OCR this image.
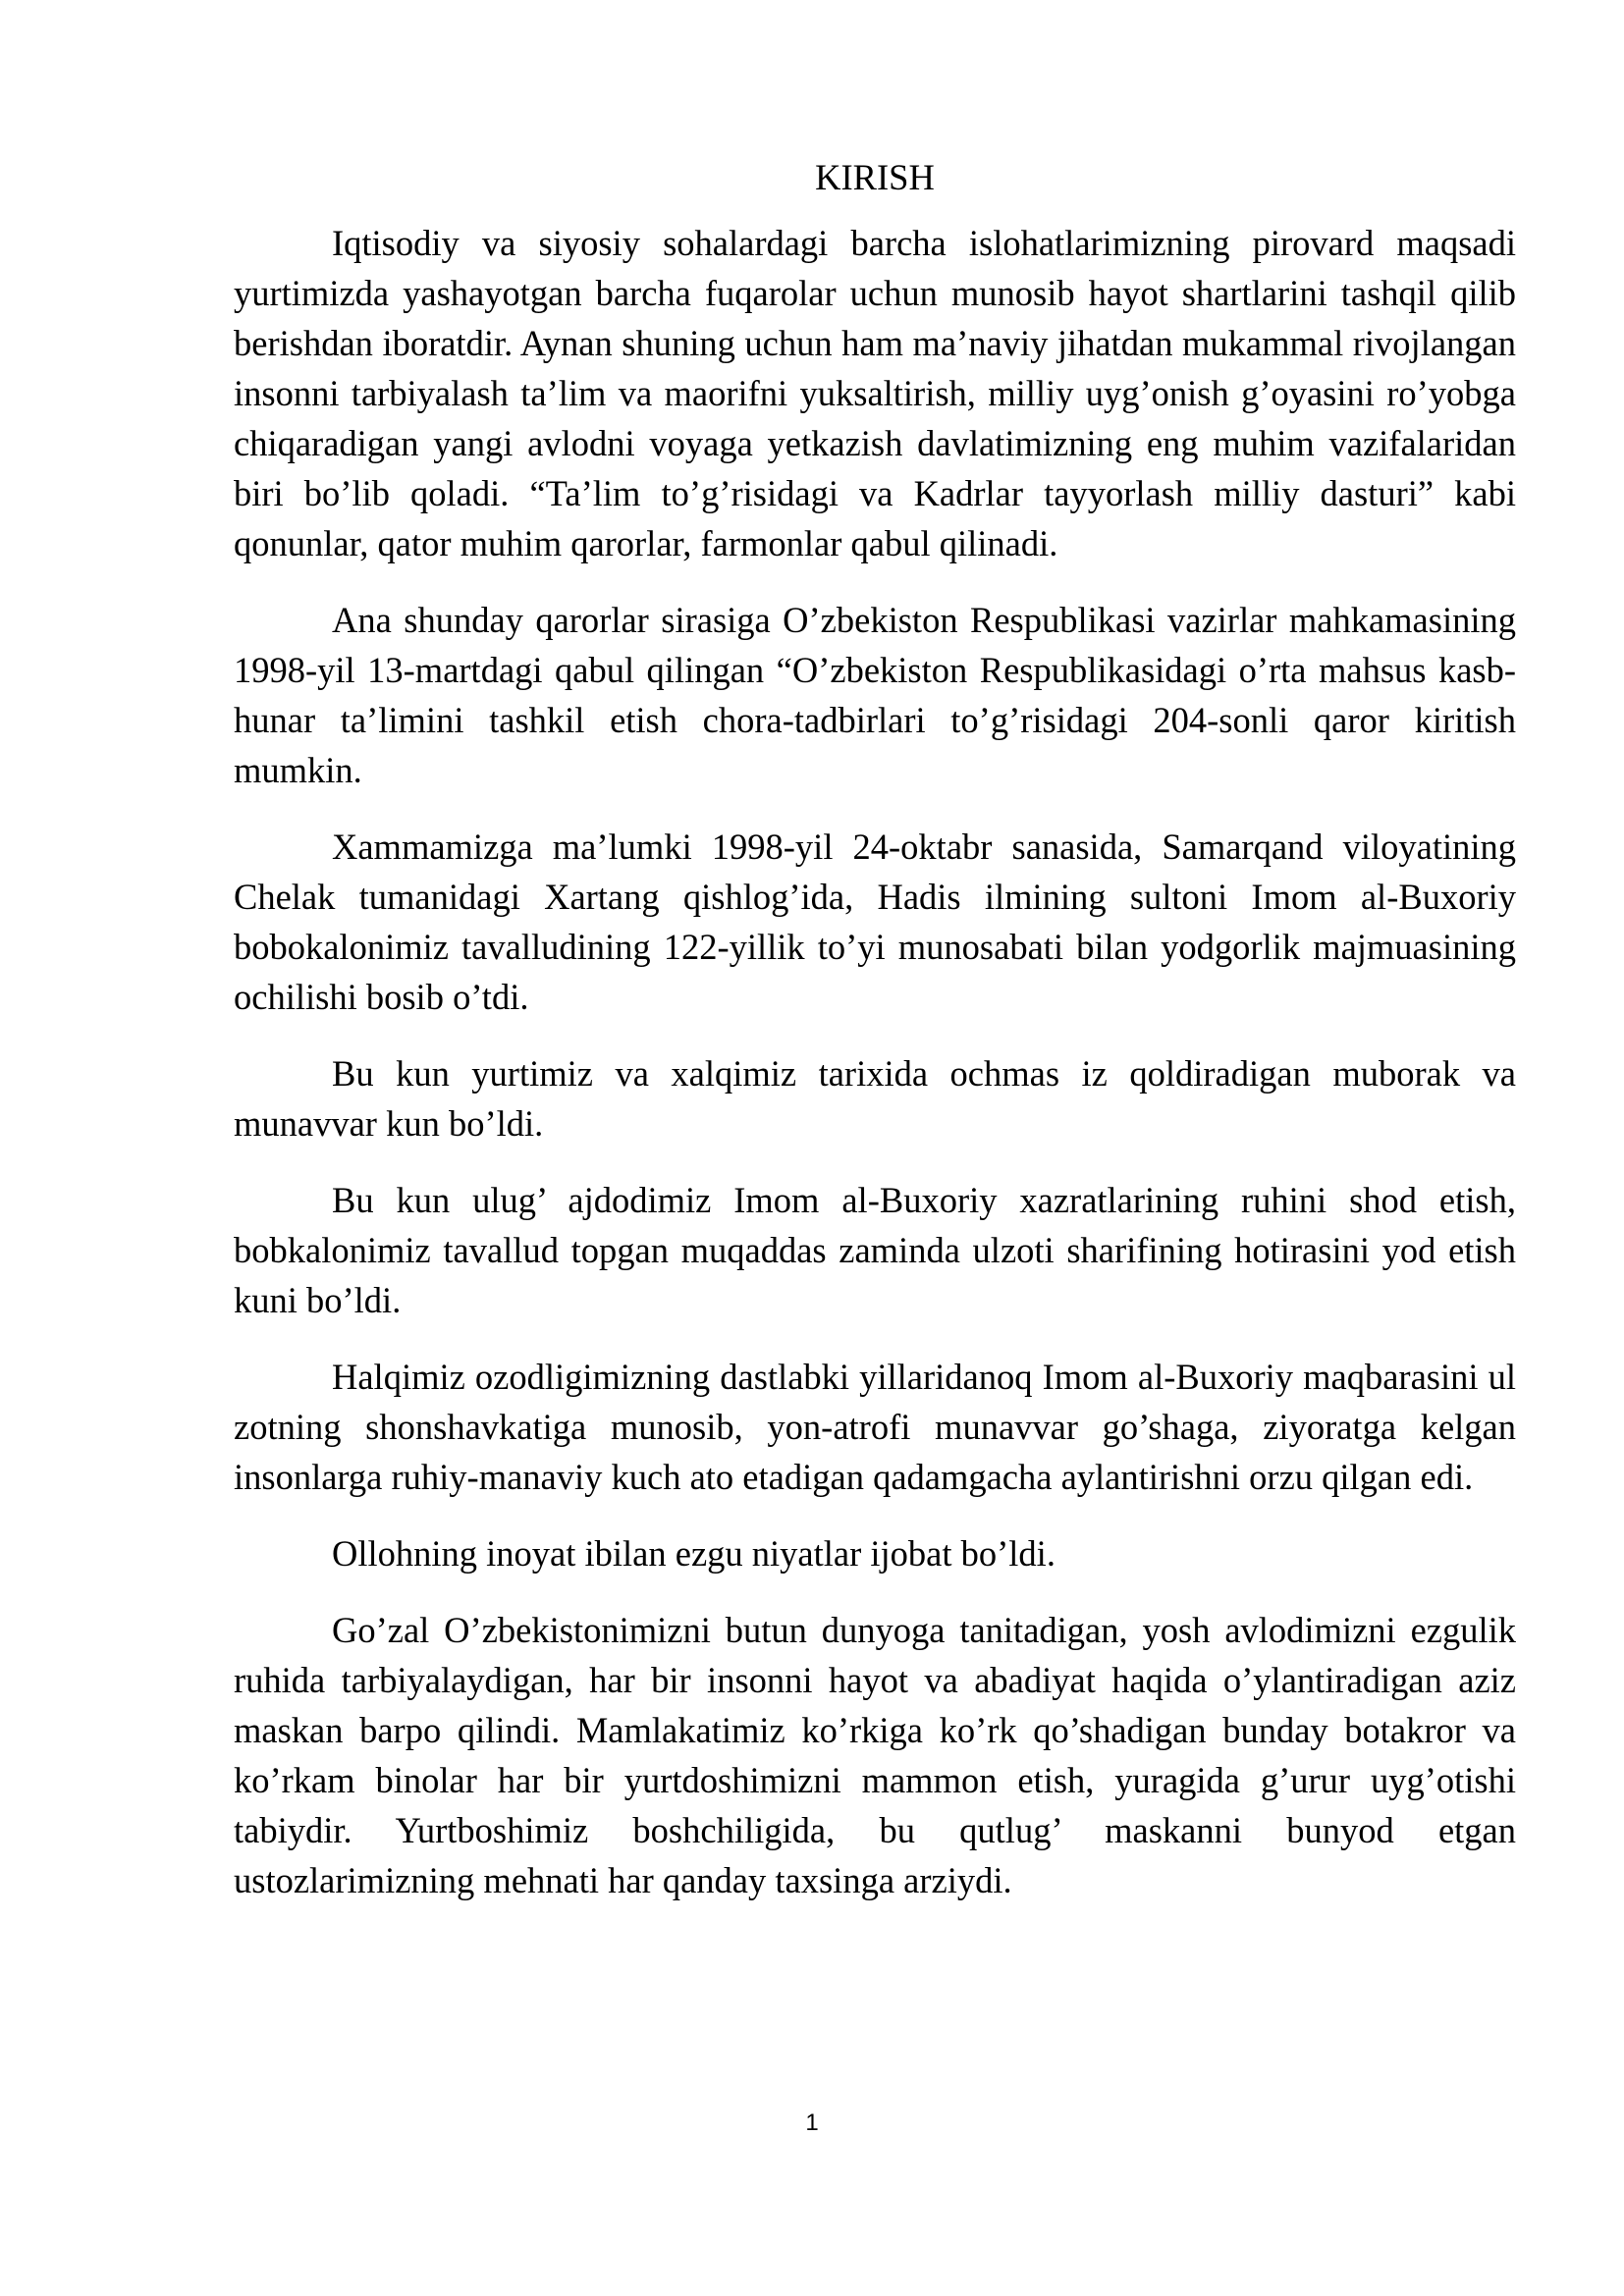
KIRISH

Iqtisodiy va siyosiy sohalardagi barcha islohatlarimizning pirovard maqsadi yurtimizda yashayotgan barcha fuqarolar uchun munosib hayot shartlarini tashqil qilib berishdan iboratdir. Aynan shuning uchun ham ma’naviy jihatdan mukammal rivojlangan insonni tarbiyalash ta’lim va maorifni yuksaltirish, milliy uyg’onish g’oyasini ro’yobga chiqaradigan yangi avlodni voyaga yetkazish davlatimizning eng muhim vazifalaridan biri bo’lib qoladi. “Ta’lim to’g’risidagi va Kadrlar tayyorlash milliy dasturi” kabi qonunlar, qator muhim qarorlar, farmonlar qabul qilinadi.

Ana shunday qarorlar sirasiga O’zbekiston Respublikasi vazirlar mahkamasining 1998-yil 13-martdagi qabul qilingan “O’zbekiston Respublikasidagi o’rta mahsus kasb-hunar ta’limini tashkil etish chora-tadbirlari to’g’risidagi 204-sonli qaror kiritish mumkin.

Xammamizga ma’lumki 1998-yil 24-oktabr sanasida, Samarqand viloyatining Chelak tumanidagi Xartang qishlog’ida, Hadis ilmining sultoni Imom al-Buxoriy bobokalonimiz tavalludining 122-yillik to’yi munosabati bilan yodgorlik majmuasining ochilishi bosib o’tdi.

Bu kun yurtimiz va xalqimiz tarixida ochmas iz qoldiradigan muborak va munavvar kun bo’ldi.

Bu kun ulug’ ajdodimiz Imom al-Buxoriy xazratlarining ruhini shod etish, bobkalonimiz tavallud topgan muqaddas zaminda ulzoti sharifining hotirasini yod etish kuni bo’ldi.

Halqimiz ozodligimizning dastlabki yillaridanoq Imom al-Buxoriy maqbarasini ul zotning shonshavkatiga munosib, yon-atrofi munavvar go’shaga, ziyoratga kelgan insonlarga ruhiy-manaviy kuch ato etadigan qadamgacha aylantirishni orzu qilgan edi.

Ollohning inoyat ibilan ezgu niyatlar ijobat bo’ldi.

Go’zal O’zbekistonimizni butun dunyoga tanitadigan, yosh avlodimizni ezgulik ruhida tarbiyalaydigan, har bir insonni hayot va abadiyat haqida o’ylantiradigan aziz maskan barpo qilindi. Mamlakatimiz ko’rkiga ko’rk qo’shadigan bunday botakror va ko’rkam binolar har bir yurtdoshimizni mammon etish, yuragida g’urur uyg’otishi tabiydir. Yurtboshimiz boshchiligida, bu qutlug’ maskanni bunyod etgan ustozlarimizning mehnati har qanday taxsinga arziydi.

1
